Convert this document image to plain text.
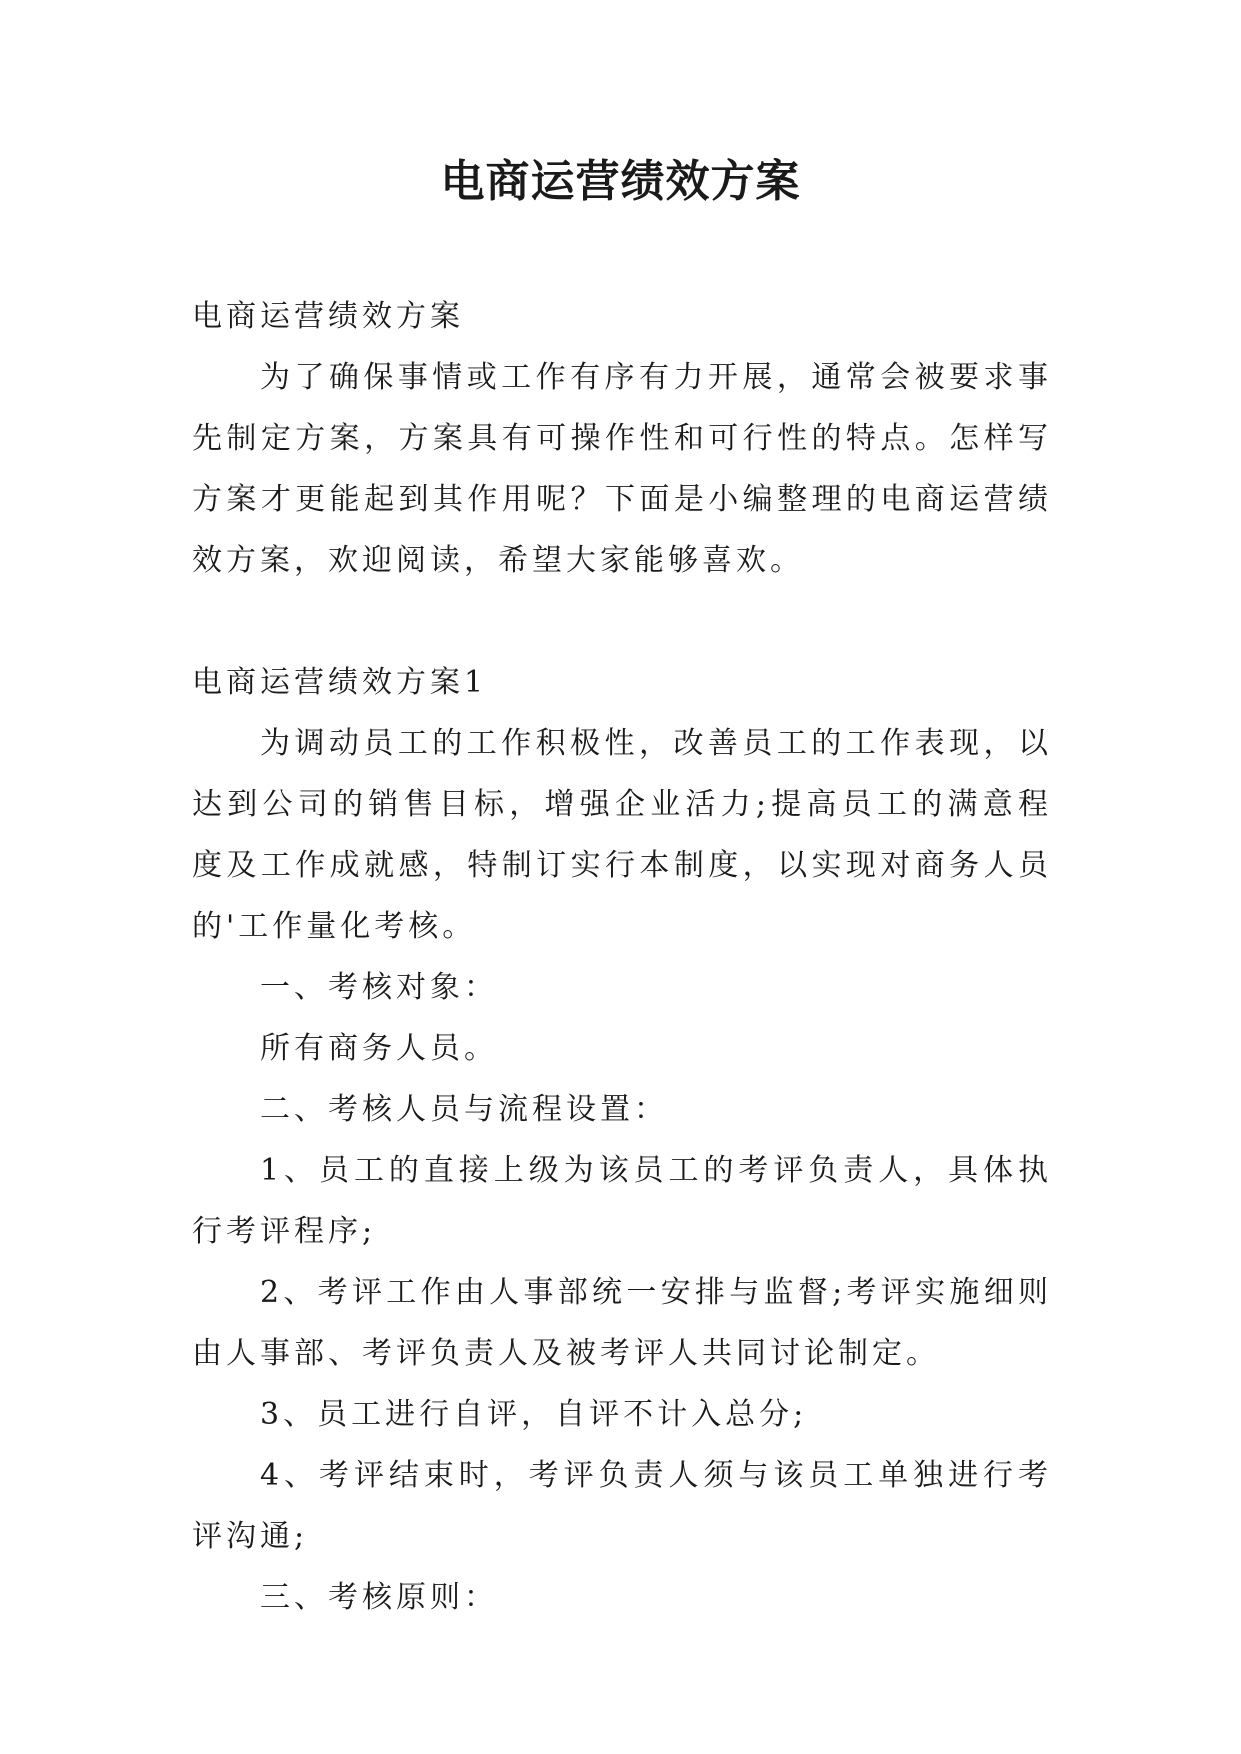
电商运营绩效方案

电商运营绩效方案

为了确保事情或工作有序有力开展，通常会被要求事先制定方案，方案具有可操作性和可行性的特点。怎样写方案才更能起到其作用呢？下面是小编整理的电商运营绩效方案，欢迎阅读，希望大家能够喜欢。

电商运营绩效方案1

为调动员工的工作积极性，改善员工的工作表现，以达到公司的销售目标，增强企业活力;提高员工的满意程度及工作成就感，特制订实行本制度，以实现对商务人员的'工作量化考核。

一、考核对象：

所有商务人员。

二、考核人员与流程设置：

1、员工的直接上级为该员工的考评负责人，具体执行考评程序;

2、考评工作由人事部统一安排与监督;考评实施细则由人事部、考评负责人及被考评人共同讨论制定。

3、员工进行自评，自评不计入总分;

4、考评结束时，考评负责人须与该员工单独进行考评沟通;

三、考核原则：
